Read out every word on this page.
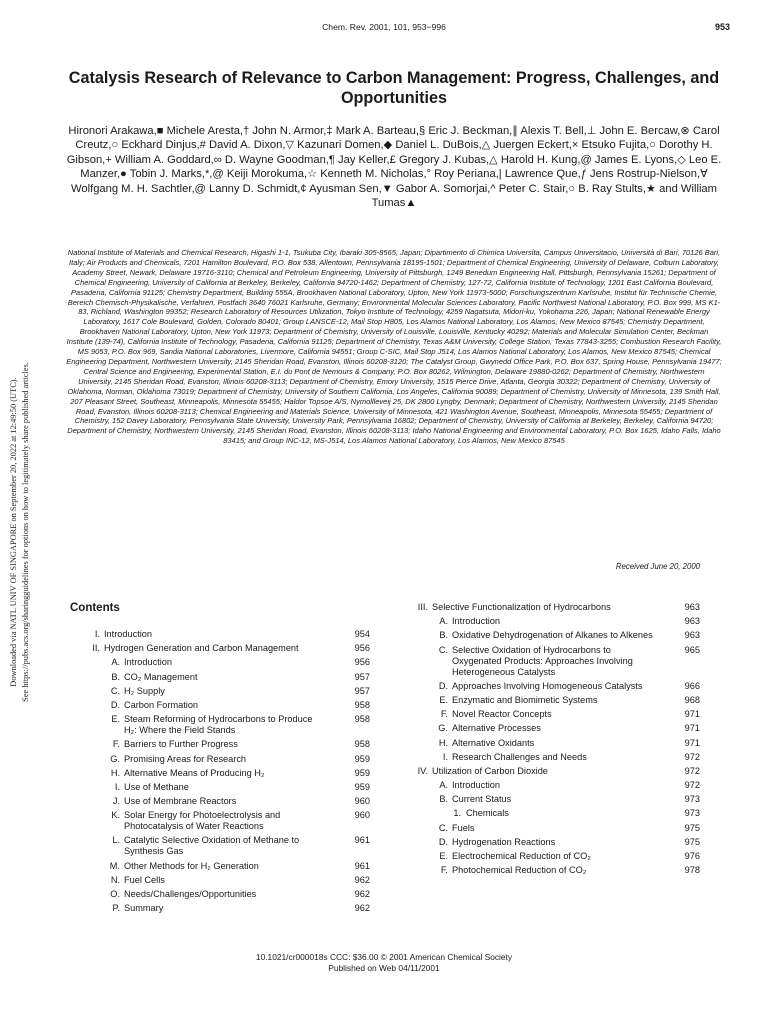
Chem. Rev. 2001, 101, 953−996	953
Downloaded via NATL UNIV OF SINGAPORE on September 20, 2022 at 12:49:50 (UTC). See https://pubs.acs.org/sharingguidelines for options on how to legitimately share published articles.
Catalysis Research of Relevance to Carbon Management: Progress, Challenges, and Opportunities
Hironori Arakawa,■ Michele Aresta,† John N. Armor,‡ Mark A. Barteau,§ Eric J. Beckman,∥ Alexis T. Bell,⊥ John E. Bercaw,⊗ Carol Creutz,○ Eckhard Dinjus,# David A. Dixon,▽ Kazunari Domen,◆ Daniel L. DuBois,△ Juergen Eckert,× Etsuko Fujita,○ Dorothy H. Gibson,+ William A. Goddard,∞ D. Wayne Goodman,¶ Jay Keller,£ Gregory J. Kubas,△ Harold H. Kung,@ James E. Lyons,◇ Leo E. Manzer,● Tobin J. Marks,*,@ Keiji Morokuma,☆ Kenneth M. Nicholas,° Roy Periana,| Lawrence Que,ƒ Jens Rostrup-Nielson,∀ Wolfgang M. H. Sachtler,@ Lanny D. Schmidt,¢ Ayusman Sen,▼ Gabor A. Somorjai,^ Peter C. Stair,○ B. Ray Stults,★ and William Tumas▲
National Institute of Materials and Chemical Research, Higashi 1-1, Tsukuba City, Ibaraki 305-8565, Japan; Dipartimento di Chimica Universita, Campus Universitacio, Università di Bari, 70126 Bari, Italy; Air Products and Chemicals, 7201 Hamilton Boulevard, P.O. Box 538, Allentown, Pennsylvania 18195-1501; Department of Chemical Engineering, University of Delaware, Colburn Laboratory, Academy Street, Newark, Delaware 19716-3110; Chemical and Petroleum Engineering, University of Pittsburgh, 1249 Benedum Engineering Hall, Pittsburgh, Pennsylvania 15261; Department of Chemical Engineering, University of California at Berkeley, Berkeley, California 94720-1462; Department of Chemistry, 127-72, California Institute of Technology, 1201 East California Boulevard, Pasadena, California 91125; Chemistry Department, Building 555A, Brookhaven National Laboratory, Upton, New York 11973-5000; Forschungszentrum Karlsruhe, Institut für Technische Chemie, Bereich Chemisch-Physikalische, Verfahren, Postfach 3640 76021 Karlsruhe, Germany; Environmental Molecular Sciences Laboratory, Pacific Northwest National Laboratory, P.O. Box 999, MS K1-83, Richland, Washington 99352; Research Laboratory of Resources Utilization, Tokyo Institute of Technology, 4259 Nagatsuta, Midori-ku, Yokohama 226, Japan; National Renewable Energy Laboratory, 1617 Cole Boulevard, Golden, Colorado 80401; Group LANSCE-12, Mail Stop H805, Los Alamos National Laboratory, Los Alamos, New Mexico 87545; Chemistry Department, Brookhaven National Laboratory, Upton, New York 11973; Department of Chemistry, University of Louisville, Louisville, Kentucky 40292; Materials and Molecular Simulation Center, Beckman Institute (139-74), California Institute of Technology, Pasadena, California 91125; Department of Chemistry, Texas A&M University, College Station, Texas 77843-3255; Combustion Research Facility, MS 9053, P.O. Box 969, Sandia National Laboratories, Livermore, California 94551; Group C-SIC, Mail Stop J514, Los Alamos National Laboratory, Los Alamos, New Mexico 87545; Chemical Engineering Department, Northwestern University, 2145 Sheridan Road, Evanston, Illinois 60208-3120; The Catalyst Group, Gwynedd Office Park, P.O. Box 637, Spring House, Pennsylvania 19477; Central Science and Engineering, Experimental Station, E.I. du Pont de Nemours & Company, P.O. Box 80262, Wilmington, Delaware 19880-0262; Department of Chemistry, Northwestern University, 2145 Sheridan Road, Evanston, Illinois 60208-3113; Department of Chemistry, Emory University, 1515 Pierce Drive, Atlanta, Georgia 30322; Department of Chemistry, University of Oklahoma, Norman, Oklahoma 73019; Department of Chemistry, University of Southern California, Los Angeles, California 90089; Department of Chemistry, University of Minnesota, 139 Smith Hall, 207 Pleasant Street, Southeast, Minneapolis, Minnesota 55455; Haldor Topsoe A/S, Nymollleveij 25, DK 2800 Lyngby, Denmark; Department of Chemistry, Northwestern University, 2145 Sheridan Road, Evanston, Illinois 60208-3113; Chemical Engineering and Materials Science, University of Minnesota, 421 Washington Avenue, Southeast, Minneapolis, Minnesota 55455; Department of Chemistry, 152 Davey Laboratory, Pennsylvania State University, University Park, Pennsylvania 16802; Department of Chemistry, University of California at Berkeley, Berkeley, California 94720; Department of Chemistry, Northwestern University, 2145 Sheridan Road, Evanston, Illinois 60208-3113; Idaho National Engineering and Environmental Laboratory, P.O. Box 1625, Idaho Falls, Idaho 83415; and Group INC-12, MS-J514, Los Alamos National Laboratory, Los Alamos, New Mexico 87545
Received June 20, 2000
Contents
I. Introduction	954
II. Hydrogen Generation and Carbon Management	956
A. Introduction	956
B. CO₂ Management	957
C. H₂ Supply	957
D. Carbon Formation	958
E. Steam Reforming of Hydrocarbons to Produce H₂: Where the Field Stands
958
F. Barriers to Further Progress	958
G. Promising Areas for Research	959
H. Alternative Means of Producing H₂	959
I. Use of Methane	959
J. Use of Membrane Reactors	960
K. Solar Energy for Photoelectrolysis and Photocatalysis of Water Reactions
960
L. Catalytic Selective Oxidation of Methane to Synthesis Gas
961
M. Other Methods for H₂ Generation	961
N. Fuel Cells	962
O. Needs/Challenges/Opportunities	962
P. Summary	962
III. Selective Functionalization of Hydrocarbons	963
A. Introduction	963
B. Oxidative Dehydrogenation of Alkanes to Alkenes	963
C. Selective Oxidation of Hydrocarbons to Oxygenated Products: Approaches Involving Heterogeneous Catalysts
965
D. Approaches Involving Homogeneous Catalysts	966
E. Enzymatic and Biomimetic Systems	968
F. Novel Reactor Concepts	971
G. Alternative Processes	971
H. Alternative Oxidants	971
I. Research Challenges and Needs	972
IV. Utilization of Carbon Dioxide	972
A. Introduction	972
B. Current Status	973
1. Chemicals	973
C. Fuels	975
D. Hydrogenation Reactions	975
E. Electrochemical Reduction of CO₂	976
F. Photochemical Reduction of CO₂	978
10.1021/cr000018s CCC: $36.00 © 2001 American Chemical Society
Published on Web 04/11/2001
